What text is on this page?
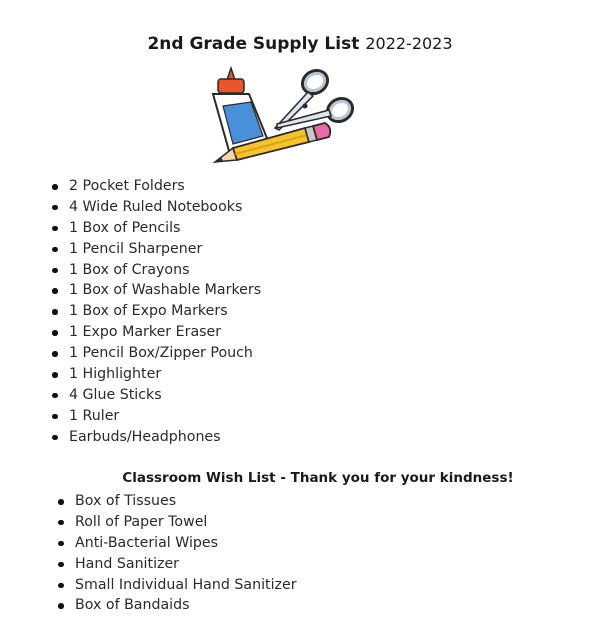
2nd Grade Supply List 2022-2023
2 Pocket Folders
4 Wide Ruled Notebooks
1 Box of Pencils
1 Pencil Sharpener
1 Box of Crayons
1 Box of Washable Markers
1 Box of Expo Markers
1 Expo Marker Eraser
1 Pencil Box/Zipper Pouch
1 Highlighter
4 Glue Sticks
1 Ruler
Earbuds/Headphones
Classroom Wish List - Thank you for your kindness!
Box of Tissues
Roll of Paper Towel
Anti-Bacterial Wipes
Hand Sanitizer
Small Individual Hand Sanitizer
Box of Bandaids
